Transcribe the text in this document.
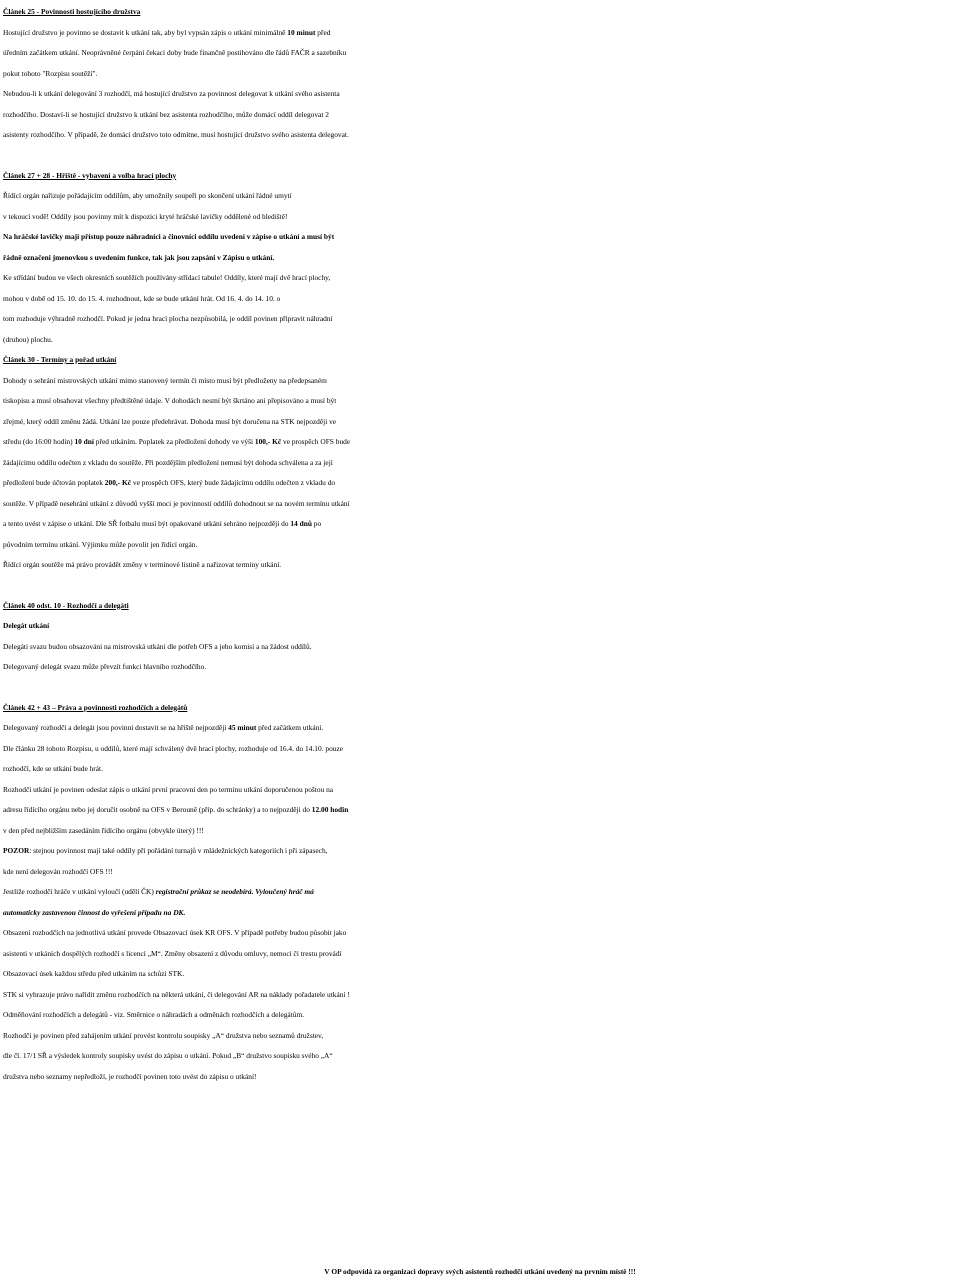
Článek 25 - Povinnosti hostujícího družstva
Hostující družstvo je povinno se dostavit k utkání tak, aby byl vypsán zápis o utkání minimálně 10 minut před
úředním začátkem utkání. Neoprávněné čerpání čekací doby bude finančně postihováno dle řádů FAČR a sazebníku
pokut tohoto "Rozpisu soutěží".
Nebudou-li k utkání delegování 3 rozhodčí, má hostující družstvo za povinnost delegovat k utkání svého asistenta
rozhodčího. Dostaví-li se hostující družstvo k utkání bez asistenta rozhodčího, může domácí oddíl delegovat 2
asistenty rozhodčího. V případě, že domácí družstvo toto odmítne, musí hostující družstvo svého asistenta delegovat.
Článek 27 + 28 - Hřiště - vybavení a volba hrací plochy
Řídící orgán nařizuje pořádajícím oddílům, aby umožnily soupeři po skončení utkání řádné umytí
v tekoucí vodě! Oddíly jsou povinny mít k dispozici kryté hráčské lavičky oddělené od hlediště!
Na hráčské lavičky mají přístup pouze náhradníci a činovníci oddílu uvedení v zápise o utkání a musí být
řádně označeni jmenovkou s uvedením funkce, tak jak jsou zapsáni v Zápisu o utkání.
Ke střídání budou ve všech okresních soutěžích používány střídací tabule! Oddíly, které mají dvě hrací plochy,
mohou v době od 15. 10. do 15. 4. rozhodnout, kde se bude utkání hrát. Od 16. 4. do 14. 10. o
tom rozhoduje výhradně rozhodčí. Pokud je jedna hrací plocha nezpůsobilá, je oddíl povinen připravit náhradní
(druhou) plochu.
Článek 30 - Termíny a pořad utkání
Dohody o sehrání mistrovských utkání mimo stanovený termín či místo musí být předloženy na předepsaném
tiskopisu a musí obsahovat všechny předtištěné údaje. V dohodách nesmí být škrtáno ani přepisováno a musí být
zřejmé, který oddíl změnu žádá. Utkání lze pouze předehrávat. Dohoda musí být doručena na STK nejpozději ve
středu (do 16:00 hodin) 10 dní před utkáním. Poplatek za předložení dohody ve výši 100,- Kč ve prospěch OFS bude
žádajícímu oddílu odečten z vkladu do soutěže. Při pozdějším předložení nemusí být dohoda schválena a za její
předložení bude účtován poplatek 200,- Kč ve prospěch OFS, který bude žádajícímu oddílu odečten z vkladu do
soutěže. V případě nesehrání utkání z důvodů vyšší moci je povinností oddílů dohodnout se na novém termínu utkání
a tento uvést v zápise o utkání. Dle SŘ fotbalu musí být opakované utkání sehráno nejpozději do 14 dnů po
původním termínu utkání. Výjimku může povolit jen řídící orgán.
Řídící orgán soutěže má právo provádět změny v termínové listině a nařizovat termíny utkání.
Článek 40 odst. 10 - Rozhodčí a delegáti
Delegát utkání
Delegáti svazu budou obsazováni na mistrovská utkání dle potřeb OFS a jeho komisí a na žádost oddílů.
Delegovaný delegát svazu může převzít funkci hlavního rozhodčího.
Článek 42 + 43 – Práva a povinnosti rozhodčích a delegátů
Delegovaný rozhodčí a delegát jsou povinni dostavit se na hřiště nejpozději 45 minut před začátkem utkání.
Dle článku 28 tohoto Rozpisu, u oddílů, které mají schválený dvě hrací plochy, rozhoduje od 16.4. do 14.10. pouze
rozhodčí, kde se utkání bude hrát.
Rozhodčí utkání je povinen odeslat zápis o utkání první pracovní den po termínu utkání doporučenou poštou na
adresu řídícího orgánu nebo jej doručit osobně na OFS v Berouně (příp. do schránky) a to nejpozději do 12.00 hodin
v den před nejbližším zasedáním řídícího orgánu (obvykle úterý) !!!
POZOR: stejnou povinnost mají také oddíly při pořádání turnajů v mládežnických kategoriích i při zápasech,
kde není delegován rozhodčí OFS !!!
Jestliže rozhodčí hráče v utkání vyloučí (udělí ČK) registrační průkaz se neodebírá. Vyloučený hráč má
automaticky zastavenou činnost do vyřešení případu na DK.
Obsazení rozhodčích na jednotlivá utkání provede Obsazovací úsek KR OFS. V případě potřeby budou působit jako
asistenti v utkáních dospělých rozhodčí s licencí „M“. Změny obsazení z důvodu omluvy, nemoci či trestu provádí
Obsazovací úsek každou středu před utkáním na schůzi STK.
STK si vyhrazuje právo nařídit změnu rozhodčích na některá utkání, či delegování AR na náklady pořadatele utkání !
Odměňování rozhodčích a delegátů - viz. Směrnice o náhradách a odměnách rozhodčích a delegátům.
Rozhodčí je povinen před zahájením utkání provést kontrolu soupisky „A“ družstva nebo seznamů družstev,
dle čl. 17/1 SŘ a výsledek kontroly soupisky uvést do zápisu o utkání. Pokud „B“ družstvo soupisku svého „A“
družstva nebo seznamy nepředloží, je rozhodčí povinen toto uvést do zápisu o utkání!
V OP odpovídá za organizaci dopravy svých asistentů rozhodčí utkání uvedený na prvním místě !!!
